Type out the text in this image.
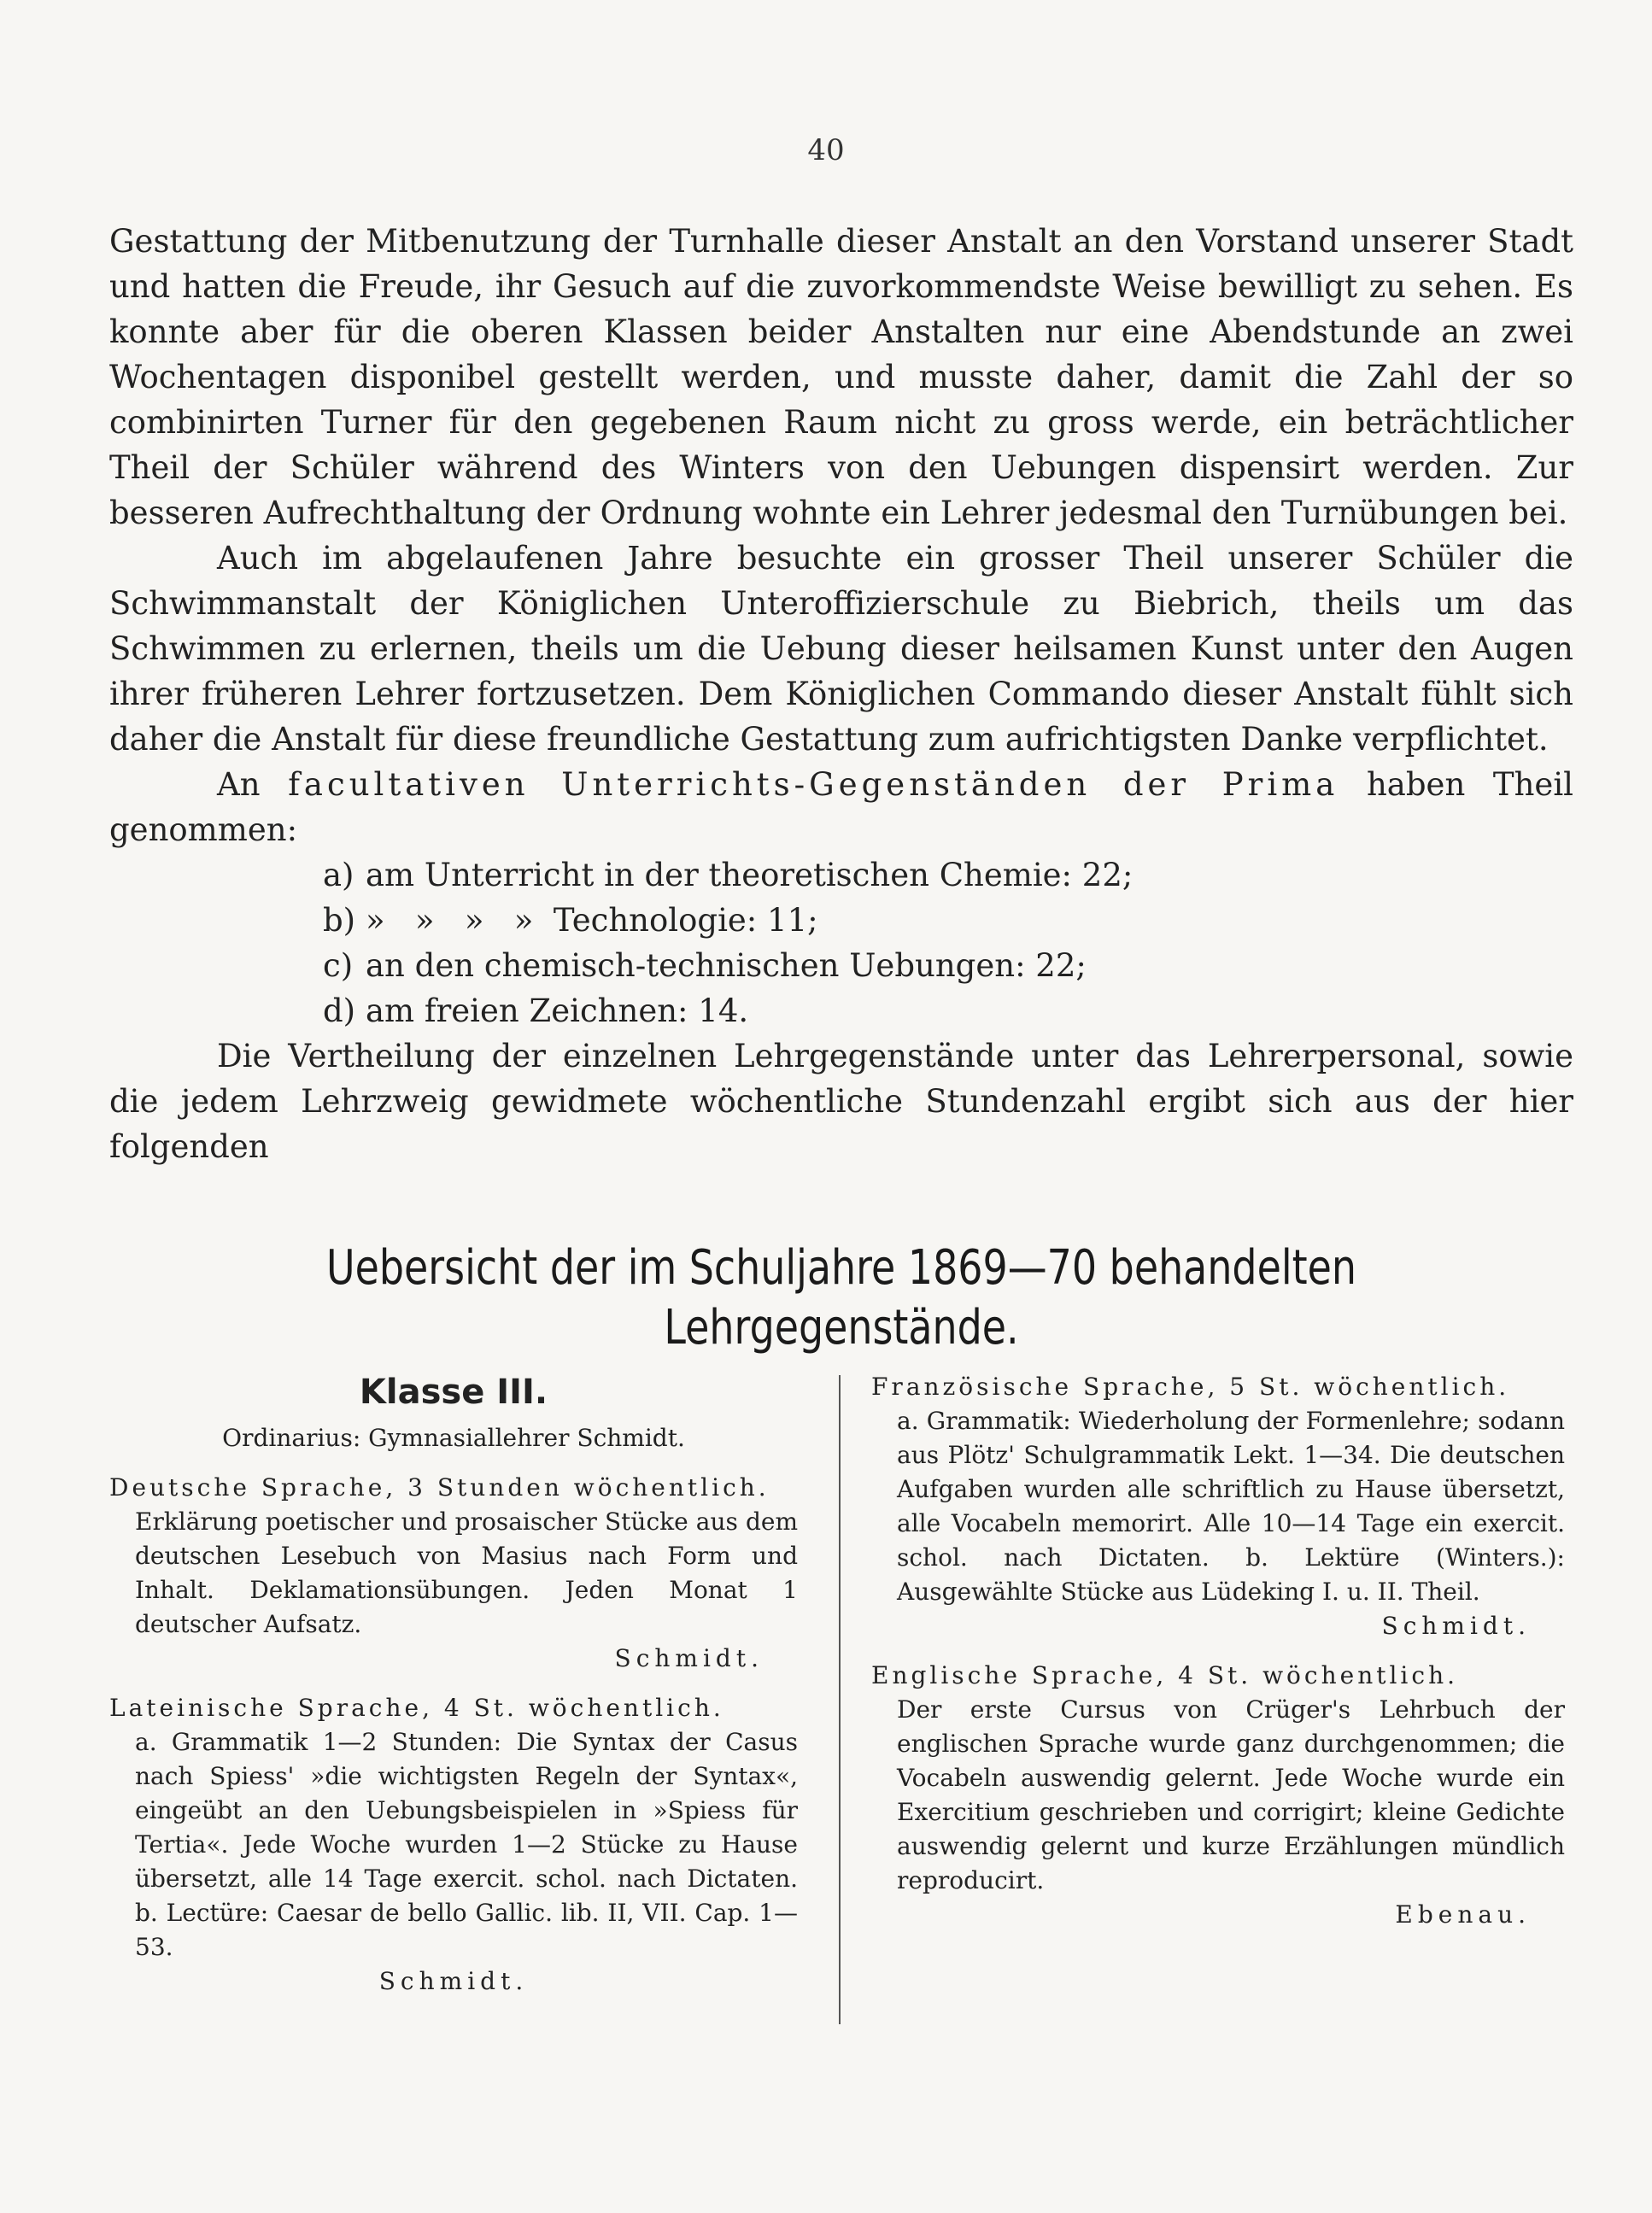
40

Gestattung der Mitbenutzung der Turnhalle dieser Anstalt an den Vorstand unserer Stadt und hatten die Freude, ihr Gesuch auf die zuvorkommendste Weise bewilligt zu sehen. Es konnte aber für die oberen Klassen beider Anstalten nur eine Abendstunde an zwei Wochentagen disponibel gestellt werden, und musste daher, damit die Zahl der so combinirten Turner für den gegebenen Raum nicht zu gross werde, ein beträchtlicher Theil der Schüler während des Winters von den Uebungen dispensirt werden. Zur besseren Aufrechthaltung der Ordnung wohnte ein Lehrer jedesmal den Turnübungen bei.

Auch im abgelaufenen Jahre besuchte ein grosser Theil unserer Schüler die Schwimmanstalt der Königlichen Unteroffizierschule zu Biebrich, theils um das Schwimmen zu erlernen, theils um die Uebung dieser heilsamen Kunst unter den Augen ihrer früheren Lehrer fortzusetzen. Dem Königlichen Commando dieser Anstalt fühlt sich daher die Anstalt für diese freundliche Gestattung zum aufrichtigsten Danke verpflichtet.

An facultativen Unterrichts-Gegenständen der Prima haben Theil genommen:

a) am Unterricht in der theoretischen Chemie: 22;
b) »   »   »   »  Technologie: 11;
c) an den chemisch-technischen Uebungen: 22;
d) am freien Zeichnen: 14.

Die Vertheilung der einzelnen Lehrgegenstände unter das Lehrerpersonal, sowie die jedem Lehrzweig gewidmete wöchentliche Stundenzahl ergibt sich aus der hier folgenden

Uebersicht der im Schuljahre 1869—70 behandelten
Lehrgegenstände.
Klasse III.
Ordinarius: Gymnasiallehrer Schmidt.
Deutsche Sprache, 3 Stunden wöchentlich.
Erklärung poetischer und prosaischer Stücke aus dem deutschen Lesebuch von Masius nach Form und Inhalt. Deklamationsübungen. Jeden Monat 1 deutscher Aufsatz.
Schmidt.
Lateinische Sprache, 4 St. wöchentlich.
a. Grammatik 1—2 Stunden: Die Syntax der Casus nach Spiess' »die wichtigsten Regeln der Syntax«, eingeübt an den Uebungsbeispielen in »Spiess für Tertia«. Jede Woche wurden 1—2 Stücke zu Hause übersetzt, alle 14 Tage exercit. schol. nach Dictaten. b. Lectüre: Caesar de bello Gallic. lib. II, VII. Cap. 1—53.
Schmidt.
Französische Sprache, 5 St. wöchentlich.
a. Grammatik: Wiederholung der Formenlehre; sodann aus Plötz' Schulgrammatik Lekt. 1—34. Die deutschen Aufgaben wurden alle schriftlich zu Hause übersetzt, alle Vocabeln memorirt. Alle 10—14 Tage ein exercit. schol. nach Dictaten. b. Lektüre (Winters.): Ausgewählte Stücke aus Lüdeking I. u. II. Theil.
Schmidt.
Englische Sprache, 4 St. wöchentlich.
Der erste Cursus von Crüger's Lehrbuch der englischen Sprache wurde ganz durchgenommen; die Vocabeln auswendig gelernt. Jede Woche wurde ein Exercitium geschrieben und corrigirt; kleine Gedichte auswendig gelernt und kurze Erzählungen mündlich reproducirt.
Ebenau.
